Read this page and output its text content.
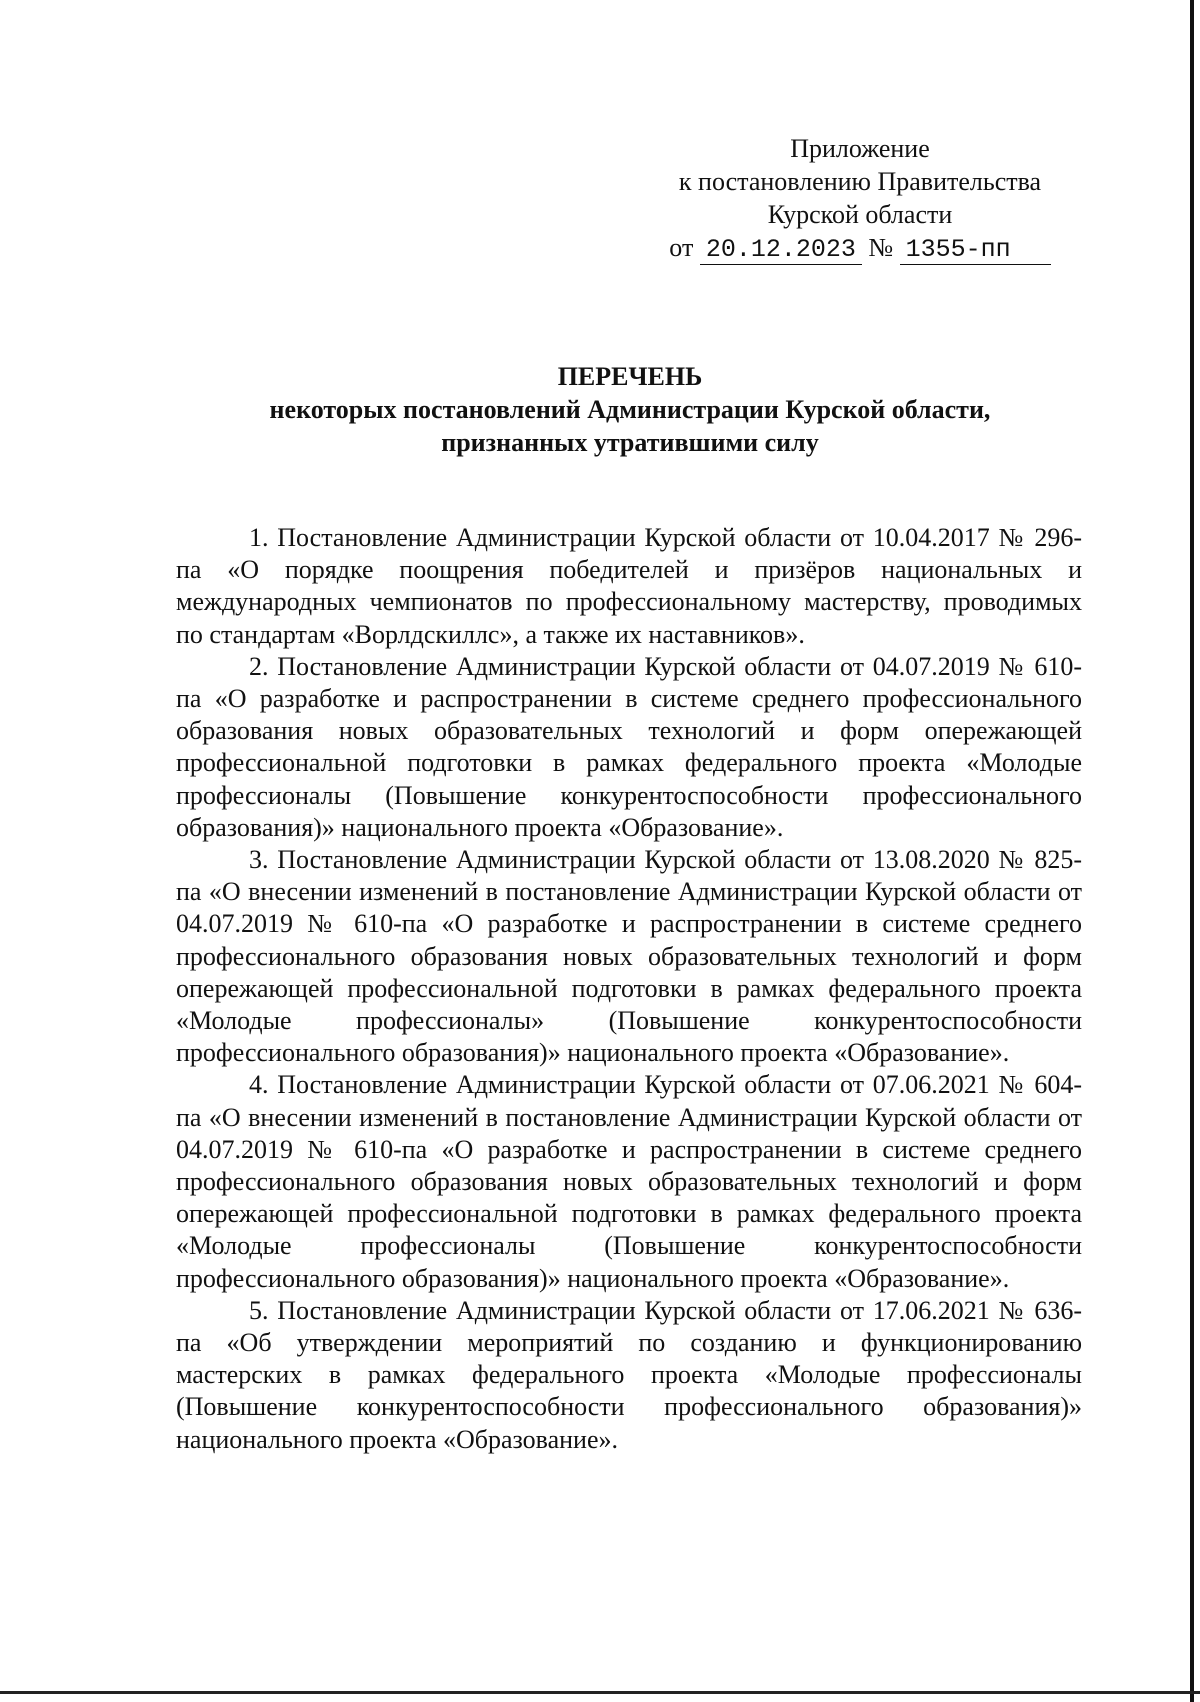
Приложение
к постановлению Правительства
Курской области
от 20.12.2023 № 1355-пп
ПЕРЕЧЕНЬ
некоторых постановлений Администрации Курской области,
признанных утратившими силу

1. Постановление Администрации Курской области от 10.04.2017 № 296-па «О порядке поощрения победителей и призёров национальных и международных чемпионатов по профессиональному мастерству, проводимых по стандартам «Ворлдскиллс», а также их наставников».

2. Постановление Администрации Курской области от 04.07.2019 № 610-па «О разработке и распространении в системе среднего профессионального образования новых образовательных технологий и форм опережающей профессиональной подготовки в рамках федерального проекта «Молодые профессионалы (Повышение конкурентоспособности профессионального образования)» национального проекта «Образование».

3. Постановление Администрации Курской области от 13.08.2020 № 825-па «О внесении изменений в постановление Администрации Курской области от 04.07.2019 № 610-па «О разработке и распространении в системе среднего профессионального образования новых образовательных технологий и форм опережающей профессиональной подготовки в рамках федерального проекта «Молодые профессионалы» (Повышение конкурентоспособности профессионального образования)» национального проекта «Образование».

4. Постановление Администрации Курской области от 07.06.2021 № 604-па «О внесении изменений в постановление Администрации Курской области от 04.07.2019 № 610-па «О разработке и распространении в системе среднего профессионального образования новых образовательных технологий и форм опережающей профессиональной подготовки в рамках федерального проекта «Молодые профессионалы (Повышение конкурентоспособности профессионального образования)» национального проекта «Образование».

5. Постановление Администрации Курской области от 17.06.2021 № 636-па «Об утверждении мероприятий по созданию и функционированию мастерских в рамках федерального проекта «Молодые профессионалы (Повышение конкурентоспособности профессионального образования)» национального проекта «Образование».
